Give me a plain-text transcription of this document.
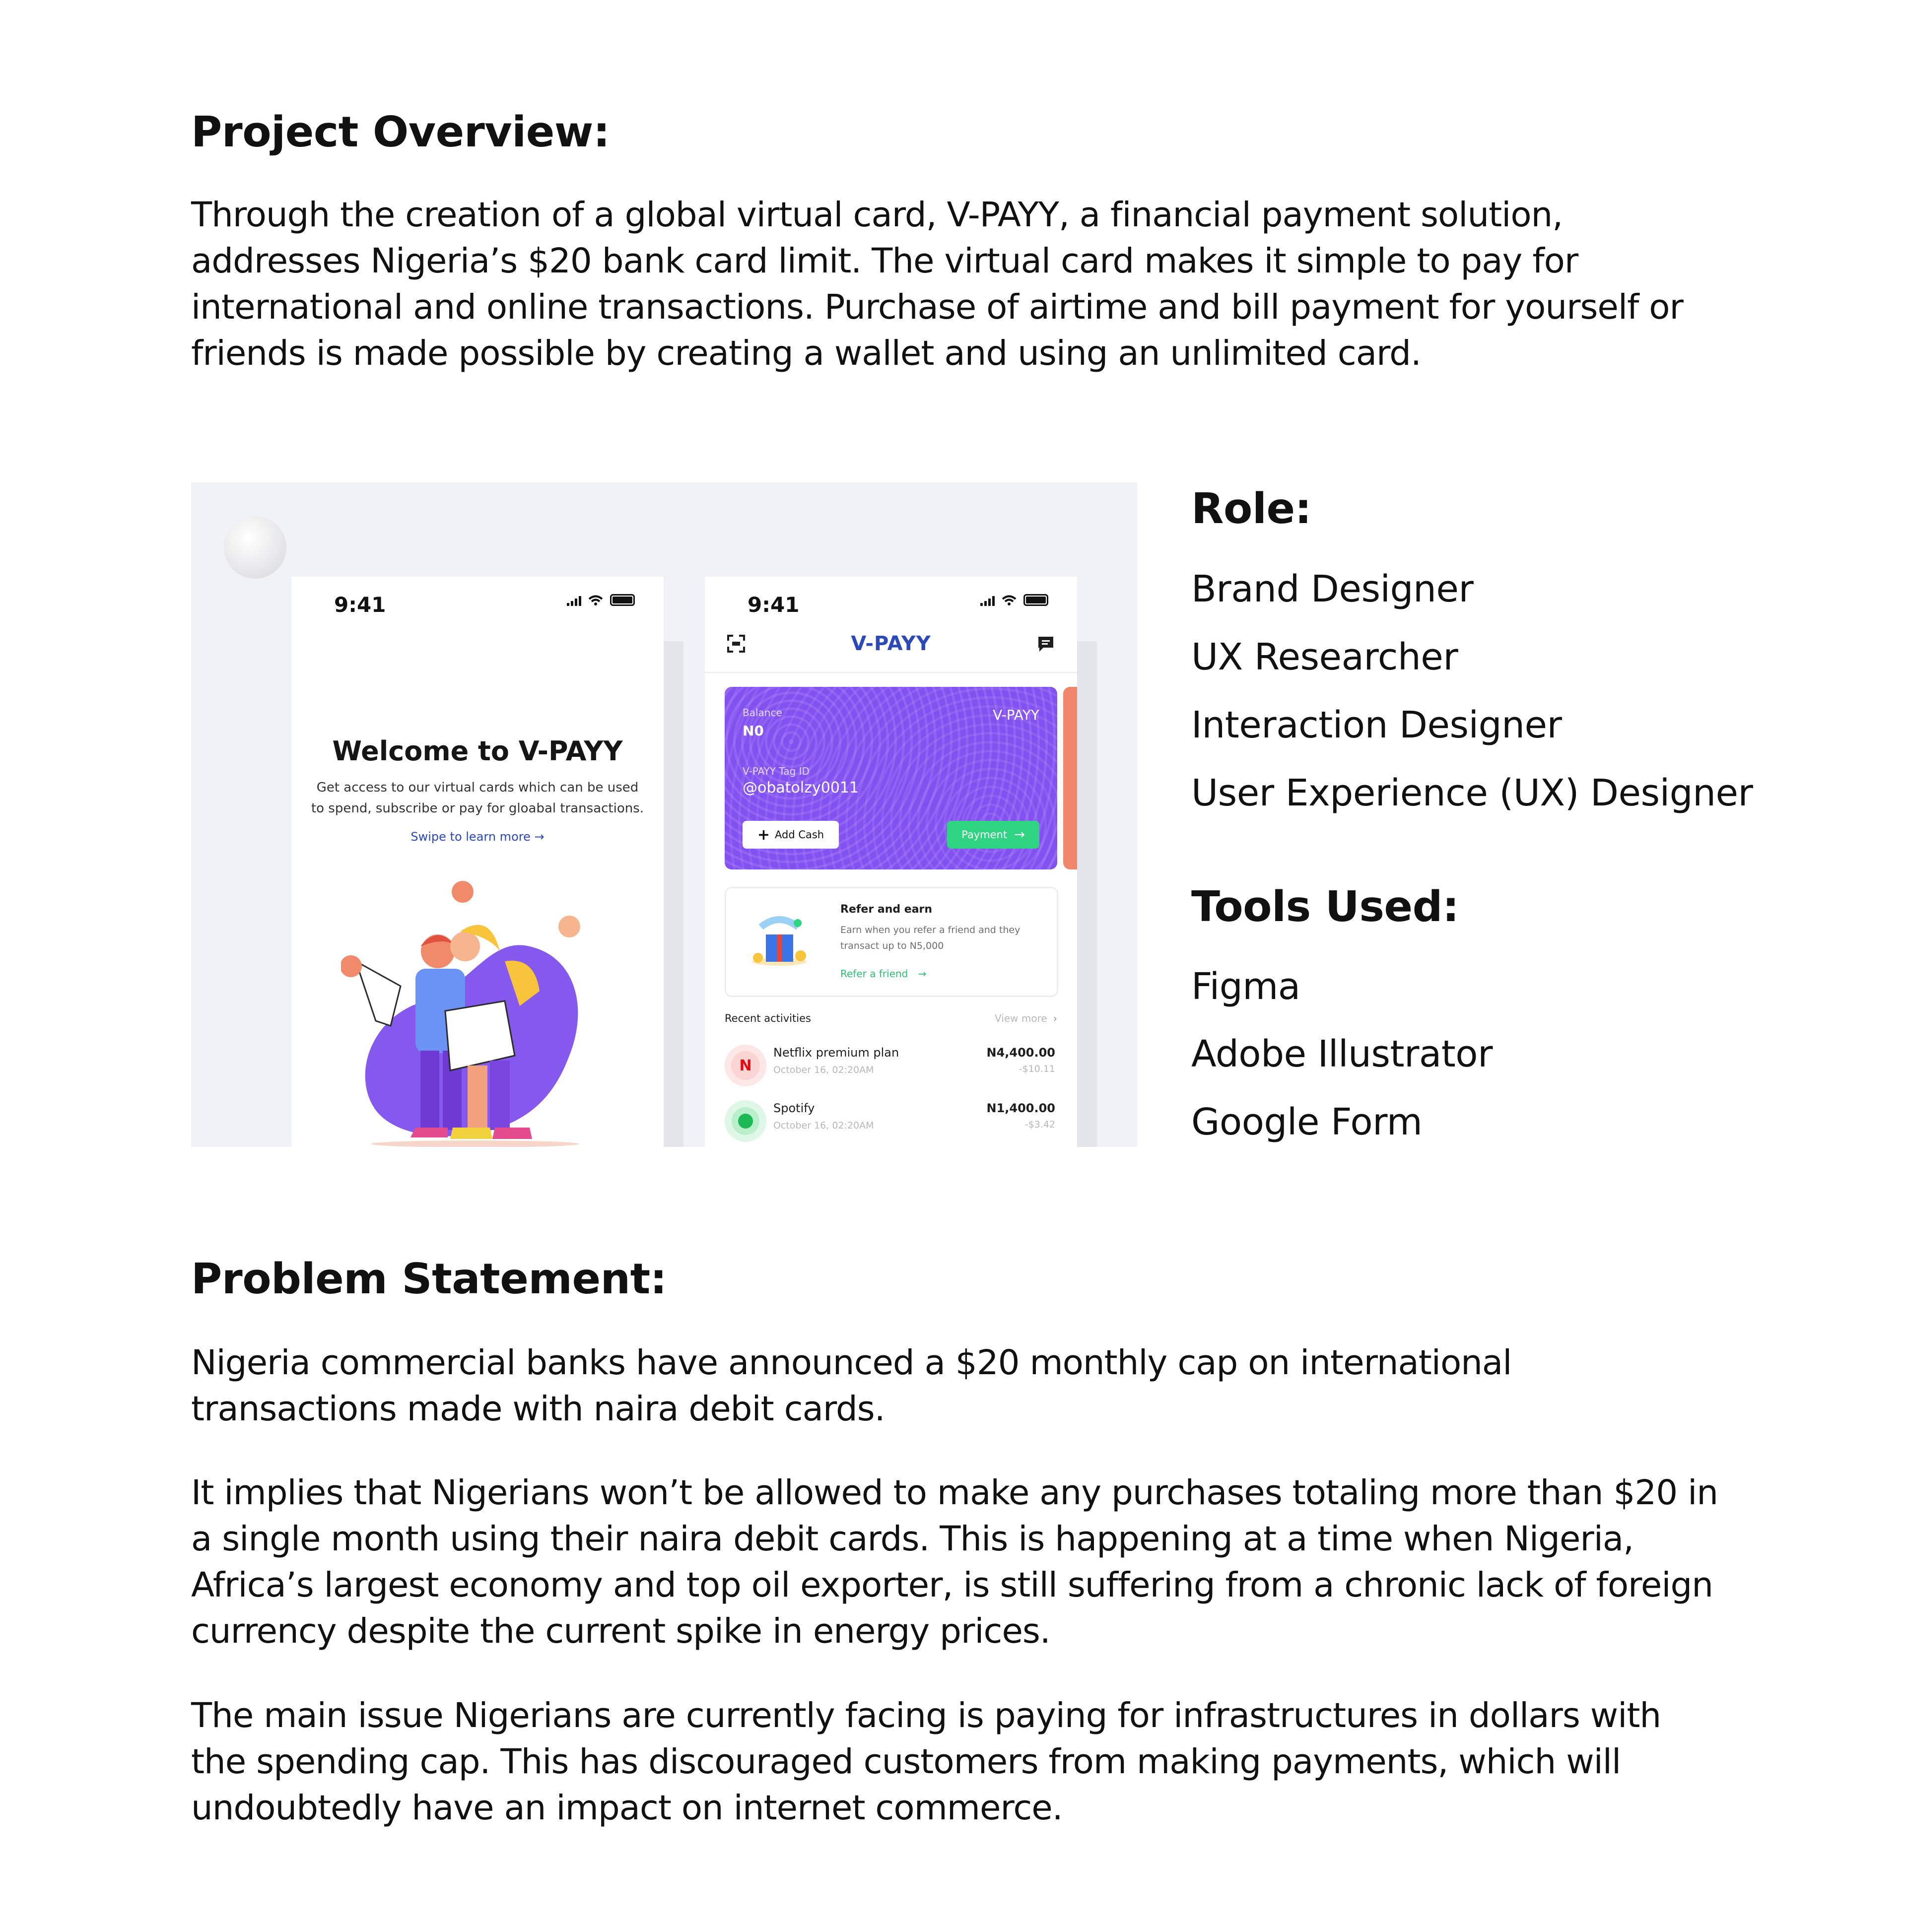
Project Overview:

Through the creation of a global virtual card, V-PAYY, a financial payment solution,

addresses Nigeria’s $20 bank card limit. The virtual card makes it simple to pay for

international and online transactions. Purchase of airtime and bill payment for yourself or

friends is made possible by creating a wallet and using an unlimited card.

9:41
Welcome to V-PAYY
Get access to our virtual cards which can be used
to spend, subscribe or pay for gloabal transactions.
Swipe to learn more →
9:41
V-PAYY
Balance
N0
V-PAYY
V-PAYY Tag ID
@obatolzy0011
+ Add Cash	Payment →
Refer and earn
Earn when you refer a friend and they
transact up to N5,000
Refer a friend →
Recent activities	View more ›
N
Netflix premium plan
October 16, 02:20AM
N4,400.00
-$10.11
Spotify
October 16, 02:20AM
N1,400.00
-$3.42
Role:
Brand Designer
UX Researcher
Interaction Designer
User Experience (UX) Designer
Tools Used:
Figma
Adobe Illustrator
Google Form
Problem Statement:

Nigeria commercial banks have announced a $20 monthly cap on international

transactions made with naira debit cards.

It implies that Nigerians won’t be allowed to make any purchases totaling more than $20 in

a single month using their naira debit cards. This is happening at a time when Nigeria,

Africa’s largest economy and top oil exporter, is still suffering from a chronic lack of foreign

currency despite the current spike in energy prices.

The main issue Nigerians are currently facing is paying for infrastructures in dollars with

the spending cap. This has discouraged customers from making payments, which will

undoubtedly have an impact on internet commerce.
